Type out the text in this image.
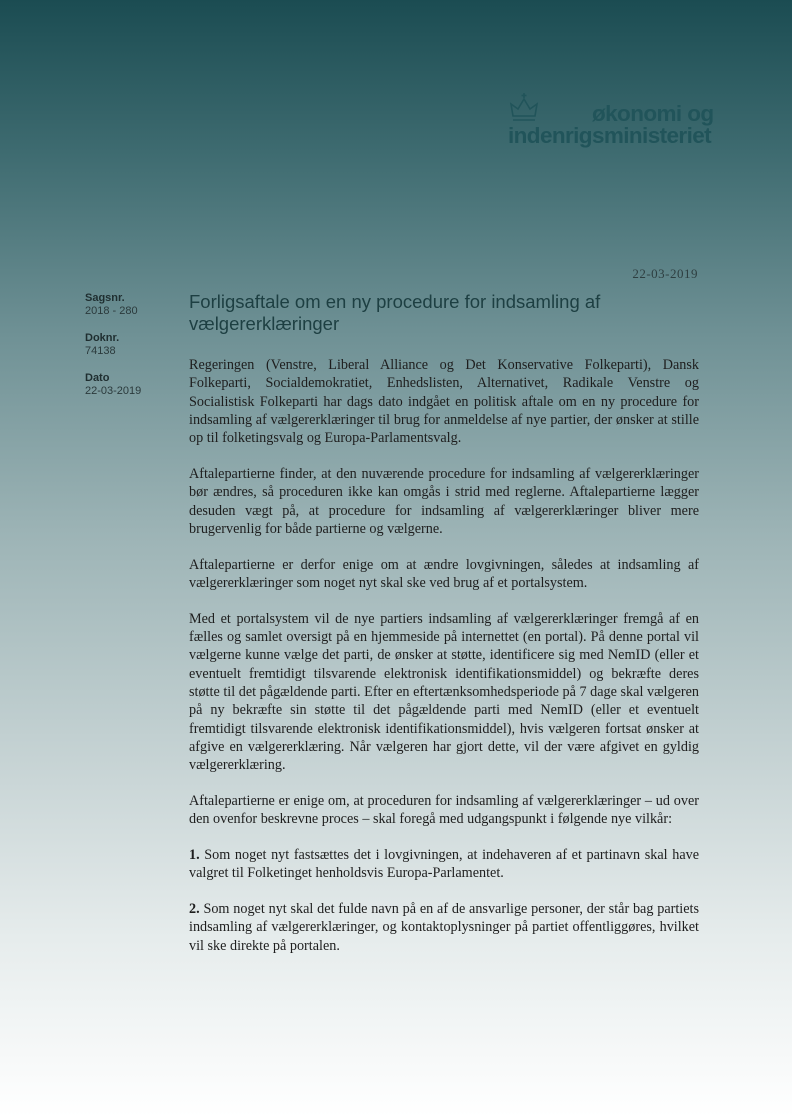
økonomi og
indenrigsministeriet
22-03-2019
Sagsnr.
2018 - 280
Doknr.
74138
Dato
22-03-2019
Forligsaftale om en ny procedure for indsamling af vælgererklæringer

Regeringen (Venstre, Liberal Alliance og Det Konservative Folkeparti), Dansk Folkeparti, Socialdemokratiet, Enhedslisten, Alternativet, Radikale Venstre og Socialistisk Folkeparti har dags dato indgået en politisk aftale om en ny procedure for indsamling af vælgererklæringer til brug for anmeldelse af nye partier, der ønsker at stille op til folketingsvalg og Europa-Parlamentsvalg.

Aftalepartierne finder, at den nuværende procedure for indsamling af vælgererklæringer bør ændres, så proceduren ikke kan omgås i strid med reglerne. Aftalepartierne lægger desuden vægt på, at procedure for indsamling af vælgererklæringer bliver mere brugervenlig for både partierne og vælgerne.

Aftalepartierne er derfor enige om at ændre lovgivningen, således at indsamling af vælgererklæringer som noget nyt skal ske ved brug af et portalsystem.

Med et portalsystem vil de nye partiers indsamling af vælgererklæringer fremgå af en fælles og samlet oversigt på en hjemmeside på internettet (en portal). På denne portal vil vælgerne kunne vælge det parti, de ønsker at støtte, identificere sig med NemID (eller et eventuelt fremtidigt tilsvarende elektronisk identifikationsmiddel) og bekræfte deres støtte til det pågældende parti. Efter en eftertænksomhedsperiode på 7 dage skal vælgeren på ny bekræfte sin støtte til det pågældende parti med NemID (eller et eventuelt fremtidigt tilsvarende elektronisk identifikationsmiddel), hvis vælgeren fortsat ønsker at afgive en vælgererklæring. Når vælgeren har gjort dette, vil der være afgivet en gyldig vælgererklæring.

Aftalepartierne er enige om, at proceduren for indsamling af vælgererklæringer – ud over den ovenfor beskrevne proces – skal foregå med udgangspunkt i følgende nye vilkår:

1. Som noget nyt fastsættes det i lovgivningen, at indehaveren af et partinavn skal have valgret til Folketinget henholdsvis Europa-Parlamentet.

2. Som noget nyt skal det fulde navn på en af de ansvarlige personer, der står bag partiets indsamling af vælgererklæringer, og kontaktoplysninger på partiet offentliggøres, hvilket vil ske direkte på portalen.
